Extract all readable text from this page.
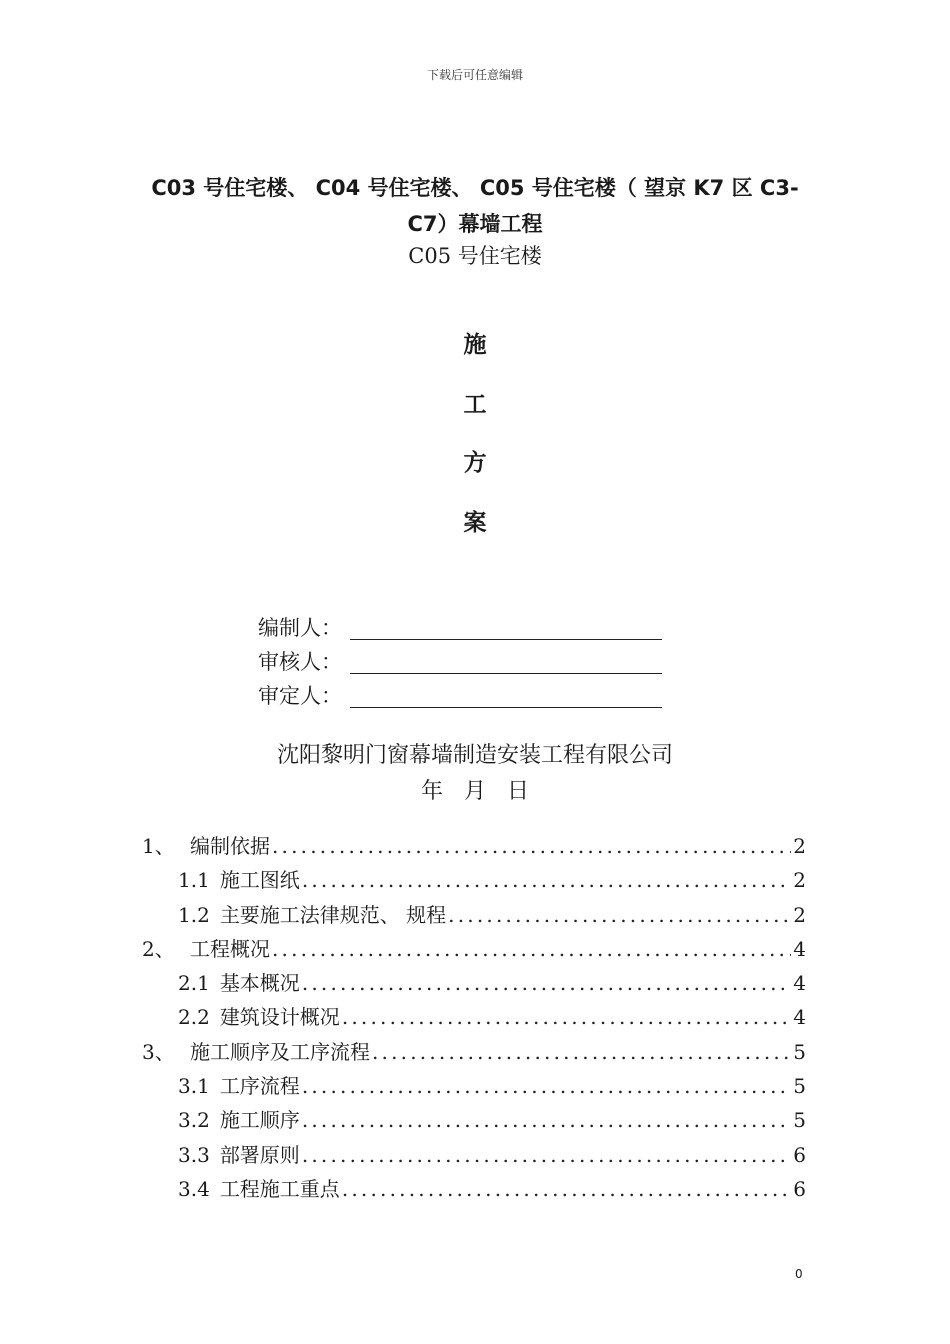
下载后可任意编辑
C03 号住宅楼、 C04 号住宅楼、 C05 号住宅楼（ 望京 K7 区 C3-
C7）幕墙工程
C05 号住宅楼
施
工
方
案
编制人：
审核人：
审定人：
沈阳黎明门窗幕墙制造安装工程有限公司
年 月 日
1、 编制依据 .....	2
1.1 施工图纸 .....	2
1.2 主要施工法律规范、 规程 .....	2
2、 工程概况 .....	4
2.1 基本概况 .....	4
2.2 建筑设计概况 .....	4
3、 施工顺序及工序流程 .....	5
3.1 工序流程 .....	5
3.2 施工顺序 .....	5
3.3 部署原则 .....	6
3.4 工程施工重点 .....	6
0
